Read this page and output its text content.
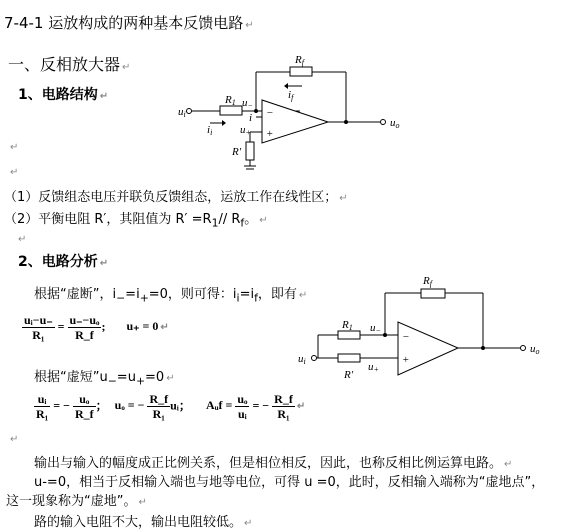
7-4-1 运放构成的两种基本反馈电路 ↵
一、反相放大器 ↵
1、电路结构 ↵
Rf
if
R1
ui
ii
u−
i
u+
R'
uo
−
+
↵
↵
（1）反馈组态电压并联负反馈组态，运放工作在线性区； ↵
（2）平衡电阻 R′，其阻值为 $R' =R_1//$ $R_f$。 ↵
↵
2、电路分析 ↵
根据“虚断”，$i_-=i_+=0$，则可得：$i_i=i_f$，即有 ↵
$\frac{\text{uᵢ−u₋}}{\text{R₁}} = \frac{\text{u₋−uₒ}}{R\_f}$ ; u₊ = 0 ↵
Rf
R1 u−
ui	u+
R'
uo
−
+
根据“虚短$”u_-=u_+=0$ ↵
$\frac{\text{uᵢ}}{\text{R₁}}$ = − $\frac{\text{uₒ}}{R\_f}$ ； uₒ = − $\frac{R\_f}{\text{R₁}}$ uᵢ； Aᵤf = $\frac{\text{uₒ}}{\text{uᵢ}}$ = − $\frac{R\_f}{\text{R₁}}$ ↵
↵
输出与输入的幅度成正比例关系，但是相位相反，因此，也称反相比例运算电路。 ↵
u-=0，相当于反相输入端也与地等电位，可得 u =0，此时，反相输入端称为“虚地点”，
这一现象称为“虚地”。 ↵
路的输入电阻不大，输出电阻较低。 ↵
